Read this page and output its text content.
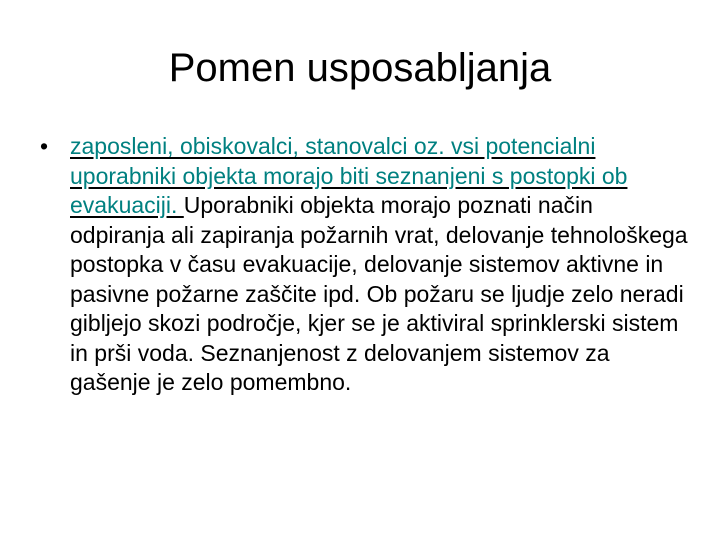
Pomen usposabljanja
• zaposleni, obiskovalci, stanovalci oz. vsi potencialni uporabniki objekta morajo biti seznanjeni s postopki ob evakuaciji. Uporabniki objekta morajo poznati način odpiranja ali zapiranja požarnih vrat, delovanje tehnološkega postopka v času evakuacije, delovanje sistemov aktivne in pasivne požarne zaščite ipd. Ob požaru se ljudje zelo neradi gibljejo skozi področje, kjer se je aktiviral sprinklerski sistem in prši voda. Seznanjenost z delovanjem sistemov za gašenje je zelo pomembno.
